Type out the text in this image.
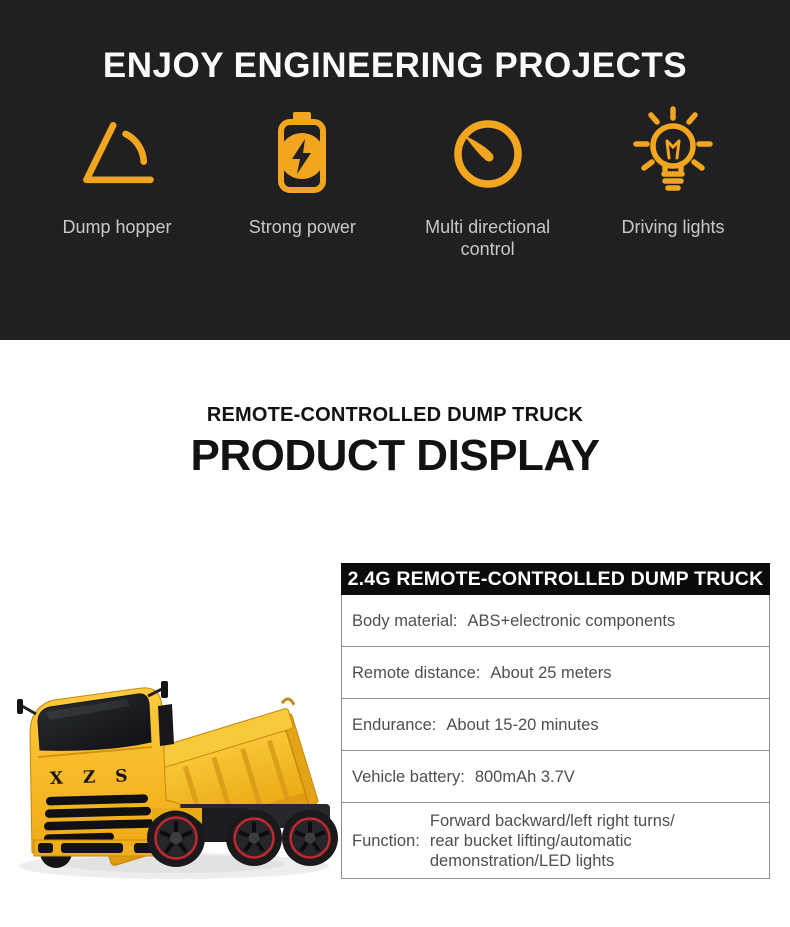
ENJOY ENGINEERING PROJECTS
Dump hopper	Strong power	Multi directional control
Driving lights
REMOTE-CONTROLLED DUMP TRUCK
PRODUCT DISPLAY
X Z S
2.4G REMOTE-CONTROLLED DUMP TRUCK
Body material: ABS+electronic components
Remote distance: About 25 meters
Endurance: About 15-20 minutes
Vehicle battery: 800mAh 3.7V
Function:
Forward backward/​left right turns/​rear bucket lifting/​automatic demonstration/​LED lights
